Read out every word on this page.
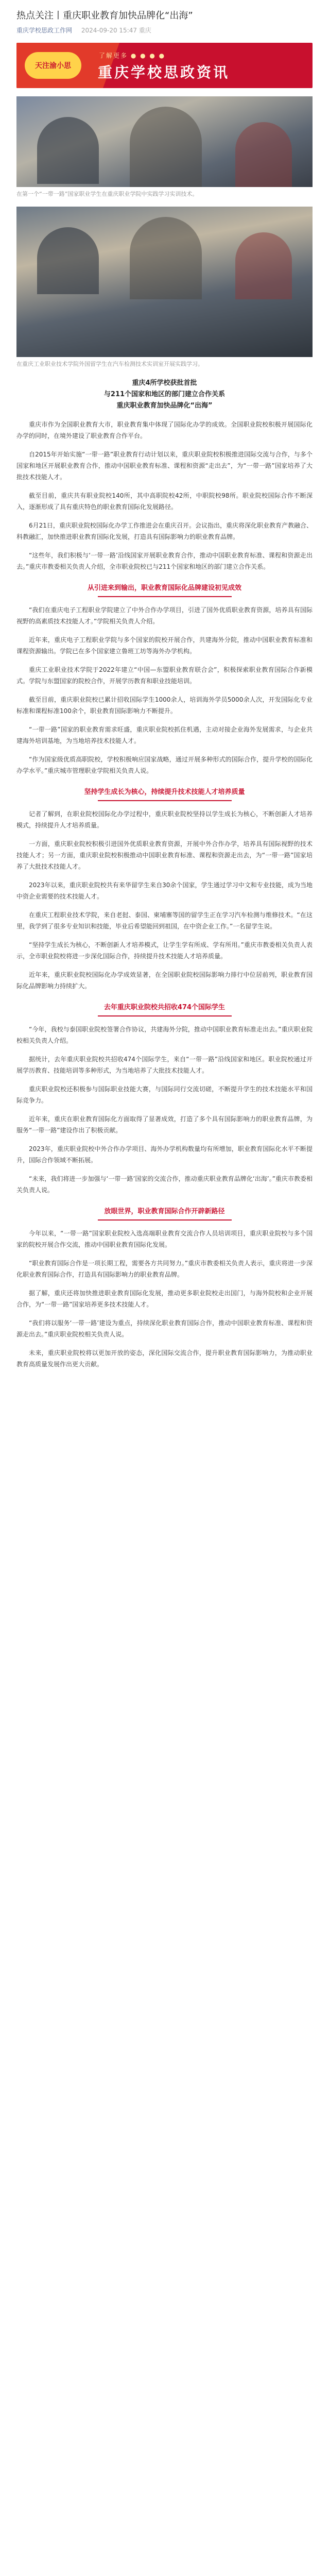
热点关注丨重庆职业教育加快品牌化“出海”
重庆学校思政工作网 2024-09-20 15:47 重庆
天注渝小思
了解更多 ● ● ● ●
重庆学校思政资讯
在第一个“一带一路”国家职业学生在重庆职业学院中实践学习实训技术。
在重庆工业职业技术学院外国留学生在汽车检测技术实训室开展实践学习。
重庆4所学校获批首批
与211个国家和地区的部门建立合作关系
重庆职业教育加快品牌化“出海”

重庆市作为全国职业教育大市，职业教育集中体现了国际化办学的成效。全国职业院校积极开展国际化办学的同时，在境外建设了职业教育合作平台。

自2015年开始实施“一带一路”职业教育行动计划以来，重庆职业院校积极推进国际交流与合作，与多个国家和地区开展职业教育合作，推动中国职业教育标准、课程和资源“走出去”，为“一带一路”国家培养了大批技术技能人才。

截至目前，重庆共有职业院校140所，其中高职院校42所，中职院校98所。职业院校国际合作不断深入，逐渐形成了具有重庆特色的职业教育国际化发展路径。

6月21日，重庆职业院校国际化办学工作推进会在重庆召开。会议指出，重庆将深化职业教育产教融合、科教融汇，加快推进职业教育国际化发展，打造具有国际影响力的职业教育品牌。

“这些年，我们积极与‘一带一路’沿线国家开展职业教育合作，推动中国职业教育标准、课程和资源走出去。”重庆市教委相关负责人介绍，全市职业院校已与211个国家和地区的部门建立合作关系。

从引进来到输出，职业教育国际化品牌建设初见成效

“我们在重庆电子工程职业学院建立了中外合作办学项目，引进了国外优质职业教育资源，培养具有国际视野的高素质技术技能人才。”学院相关负责人介绍。

近年来，重庆电子工程职业学院与多个国家的院校开展合作，共建海外分院，推动中国职业教育标准和课程资源输出。学院已在多个国家建立鲁班工坊等海外办学机构。

重庆工业职业技术学院于2022年建立“中国—东盟职业教育联合会”，积极探索职业教育国际合作新模式。学院与东盟国家的院校合作，开展学历教育和职业技能培训。

截至目前，重庆职业院校已累计招收国际学生1000余人，培训海外学员5000余人次，开发国际化专业标准和课程标准100余个，职业教育国际影响力不断提升。

“一带一路”国家的职业教育需求旺盛，重庆职业院校抓住机遇，主动对接企业海外发展需求，与企业共建海外培训基地，为当地培养技术技能人才。

“作为国家级优质高职院校，学校积极响应国家战略，通过开展多种形式的国际合作，提升学校的国际化办学水平。”重庆城市管理职业学院相关负责人说。

坚持学生成长为核心，持续提升技术技能人才培养质量

记者了解到，在职业院校国际化办学过程中，重庆职业院校坚持以学生成长为核心，不断创新人才培养模式，持续提升人才培养质量。

一方面，重庆职业院校积极引进国外优质职业教育资源，开展中外合作办学，培养具有国际视野的技术技能人才；另一方面，重庆职业院校积极推动中国职业教育标准、课程和资源走出去，为“一带一路”国家培养了大批技术技能人才。

2023年以来，重庆职业院校共有来华留学生来自30余个国家，学生通过学习中文和专业技能，成为当地中资企业需要的技术技能人才。

在重庆工程职业技术学院，来自老挝、泰国、柬埔寨等国的留学生正在学习汽车检测与维修技术。“在这里，我学到了很多专业知识和技能，毕业后希望能回到祖国，在中资企业工作。”一名留学生说。

“坚持学生成长为核心，不断创新人才培养模式，让学生学有所成、学有所用。”重庆市教委相关负责人表示，全市职业院校将进一步深化国际合作，持续提升技术技能人才培养质量。

近年来，重庆职业院校国际化办学成效显著，在全国职业院校国际影响力排行中位居前列，职业教育国际化品牌影响力持续扩大。

去年重庆职业院校共招收474个国际学生

“今年，我校与泰国职业院校签署合作协议，共建海外分院，推动中国职业教育标准走出去。”重庆职业院校相关负责人介绍。

据统计，去年重庆职业院校共招收474个国际学生，来自“一带一路”沿线国家和地区。职业院校通过开展学历教育、技能培训等多种形式，为当地培养了大批技术技能人才。

重庆职业院校还积极参与国际职业技能大赛，与国际同行交流切磋，不断提升学生的技术技能水平和国际竞争力。

近年来，重庆在职业教育国际化方面取得了显著成效，打造了多个具有国际影响力的职业教育品牌，为服务“一带一路”建设作出了积极贡献。

2023年，重庆职业院校中外合作办学项目、海外办学机构数量均有所增加，职业教育国际化水平不断提升，国际合作领域不断拓展。

“未来，我们将进一步加强与‘一带一路’国家的交流合作，推动重庆职业教育品牌化‘出海’。”重庆市教委相关负责人说。

放眼世界，职业教育国际合作开辟新路径

今年以来，“一带一路”国家职业院校入选高端职业教育交流合作人员培训项目，重庆职业院校与多个国家的院校开展合作交流，推动中国职业教育国际化发展。

“职业教育国际合作是一项长期工程，需要各方共同努力。”重庆市教委相关负责人表示，重庆将进一步深化职业教育国际合作，打造具有国际影响力的职业教育品牌。

据了解，重庆还将加快推进职业教育国际化发展，推动更多职业院校走出国门，与海外院校和企业开展合作，为“一带一路”国家培养更多技术技能人才。

“我们将以服务‘一带一路’建设为重点，持续深化职业教育国际合作，推动中国职业教育标准、课程和资源走出去。”重庆职业院校相关负责人说。

未来，重庆职业院校将以更加开放的姿态，深化国际交流合作，提升职业教育国际影响力，为推动职业教育高质量发展作出更大贡献。
